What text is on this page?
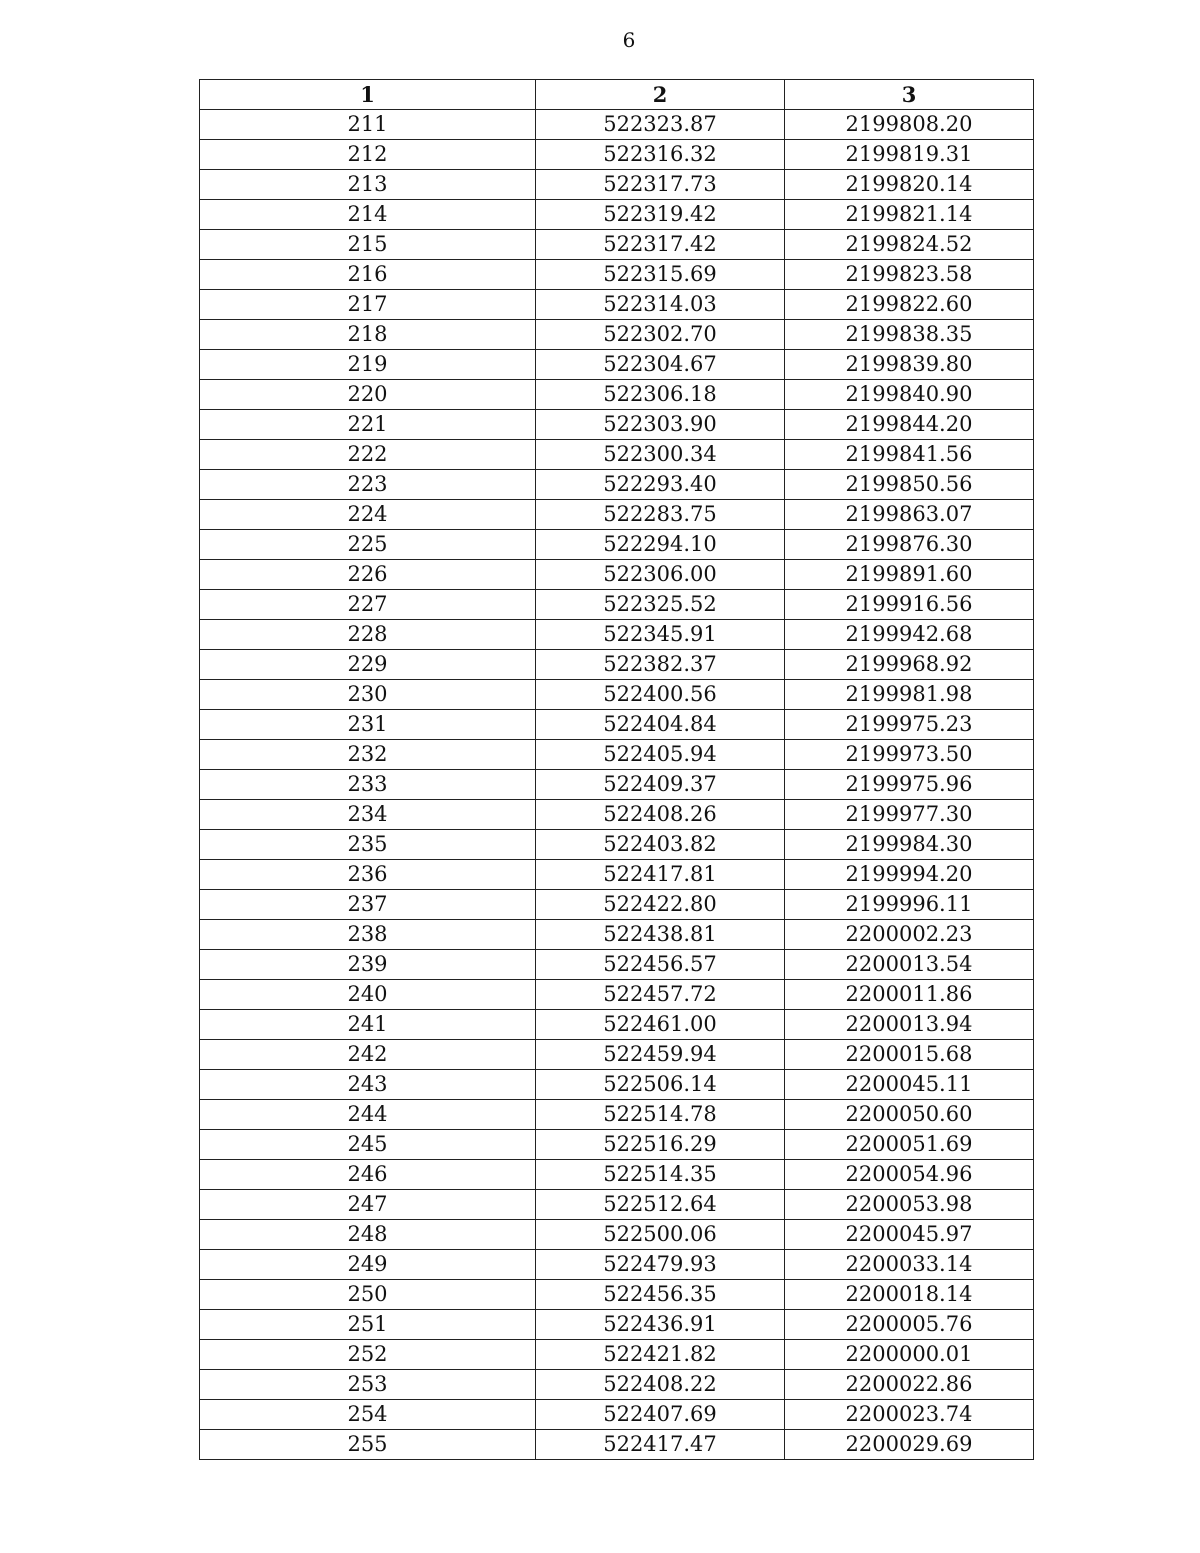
6
1	2	3
211	522323.87	2199808.20
212	522316.32	2199819.31
213	522317.73	2199820.14
214	522319.42	2199821.14
215	522317.42	2199824.52
216	522315.69	2199823.58
217	522314.03	2199822.60
218	522302.70	2199838.35
219	522304.67	2199839.80
220	522306.18	2199840.90
221	522303.90	2199844.20
222	522300.34	2199841.56
223	522293.40	2199850.56
224	522283.75	2199863.07
225	522294.10	2199876.30
226	522306.00	2199891.60
227	522325.52	2199916.56
228	522345.91	2199942.68
229	522382.37	2199968.92
230	522400.56	2199981.98
231	522404.84	2199975.23
232	522405.94	2199973.50
233	522409.37	2199975.96
234	522408.26	2199977.30
235	522403.82	2199984.30
236	522417.81	2199994.20
237	522422.80	2199996.11
238	522438.81	2200002.23
239	522456.57	2200013.54
240	522457.72	2200011.86
241	522461.00	2200013.94
242	522459.94	2200015.68
243	522506.14	2200045.11
244	522514.78	2200050.60
245	522516.29	2200051.69
246	522514.35	2200054.96
247	522512.64	2200053.98
248	522500.06	2200045.97
249	522479.93	2200033.14
250	522456.35	2200018.14
251	522436.91	2200005.76
252	522421.82	2200000.01
253	522408.22	2200022.86
254	522407.69	2200023.74
255	522417.47	2200029.69
